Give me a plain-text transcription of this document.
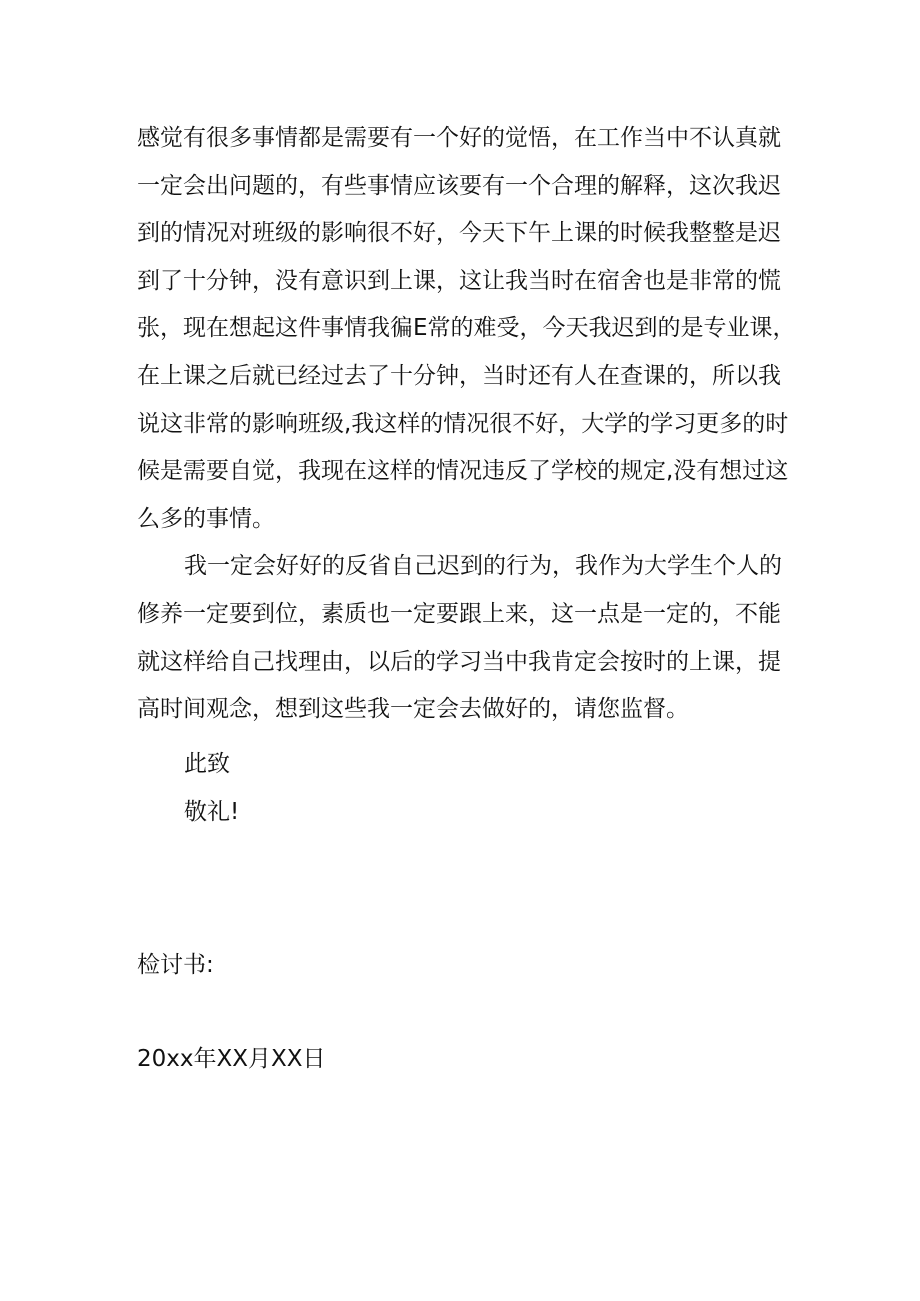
感觉有很多事情都是需要有一个好的觉悟，在工作当中不认真就
一定会出问题的，有些事情应该要有一个合理的解释，这次我迟
到的情况对班级的影响很不好，今天下午上课的时候我整整是迟
到了十分钟，没有意识到上课，这让我当时在宿舍也是非常的慌
张，现在想起这件事情我徧E常的难受，今天我迟到的是专业课，
在上课之后就已经过去了十分钟，当时还有人在查课的，所以我
说这非常的影响班级,我这样的情况很不好，大学的学习更多的时
候是需要自觉，我现在这样的情况违反了学校的规定,没有想过这
么多的事情。
我一定会好好的反省自己迟到的行为，我作为大学生个人的
修养一定要到位，素质也一定要跟上来，这一点是一定的，不能
就这样给自己找理由，以后的学习当中我肯定会按时的上课，提
高时间观念，想到这些我一定会去做好的，请您监督。
此致
敬礼!
检讨书:
20xx年XX月XX日
